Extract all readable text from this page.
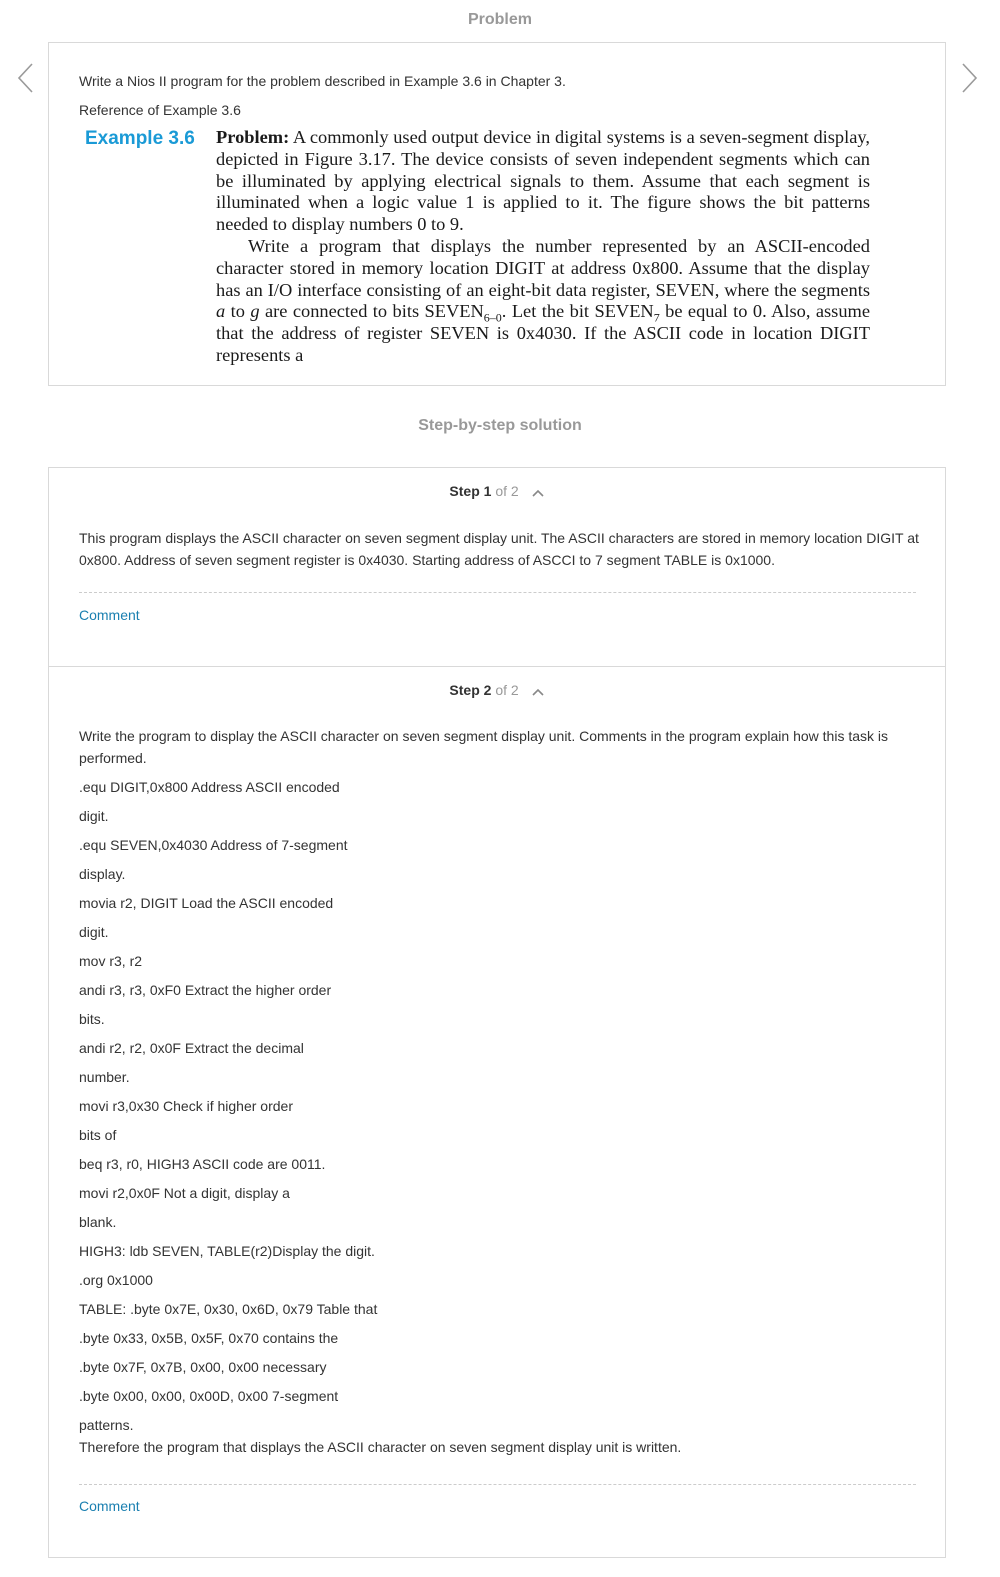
Problem
Write a Nios II program for the problem described in Example 3.6 in Chapter 3.
Reference of Example 3.6
Example 3.6 Problem: A commonly used output device in digital systems is a seven-segment display, depicted in Figure 3.17. The device consists of seven independent segments which can be illuminated by applying electrical signals to them. Assume that each segment is illuminated when a logic value 1 is applied to it. The figure shows the bit patterns needed to display numbers 0 to 9.

Write a program that displays the number represented by an ASCII-encoded character stored in memory location DIGIT at address 0x800. Assume that the display has an I/O interface consisting of an eight-bit data register, SEVEN, where the segments a to g are connected to bits $SEVEN_{6-0}$. Let the bit $SEVEN_7$ be equal to 0. Also, assume that the address of register SEVEN is 0x4030. If the ASCII code in location DIGIT represents a

Step-by-step solution
Step 1 of 2
This program displays the ASCII character on seven segment display unit. The ASCII characters are stored in memory location DIGIT at 0x800. Address of seven segment register is 0x4030. Starting address of ASCCI to 7 segment TABLE is 0x1000.
Comment
Step 2 of 2
Write the program to display the ASCII character on seven segment display unit. Comments in the program explain how this task is performed.
.equ DIGIT,0x800 Address ASCII encoded
digit.
.equ SEVEN,0x4030 Address of 7-segment
display.
movia r2, DIGIT Load the ASCII encoded
digit.
mov r3, r2
andi r3, r3, 0xF0 Extract the higher order
bits.
andi r2, r2, 0x0F Extract the decimal
number.
movi r3,0x30 Check if higher order
bits of
beq r3, r0, HIGH3 ASCII code are 0011.
movi r2,0x0F Not a digit, display a
blank.
HIGH3: ldb SEVEN, TABLE(r2)Display the digit.
.org 0x1000
TABLE: .byte 0x7E, 0x30, 0x6D, 0x79 Table that
.byte 0x33, 0x5B, 0x5F, 0x70 contains the
.byte 0x7F, 0x7B, 0x00, 0x00 necessary
.byte 0x00, 0x00, 0x00D, 0x00 7-segment
patterns.
Therefore the program that displays the ASCII character on seven segment display unit is written.
Comment
